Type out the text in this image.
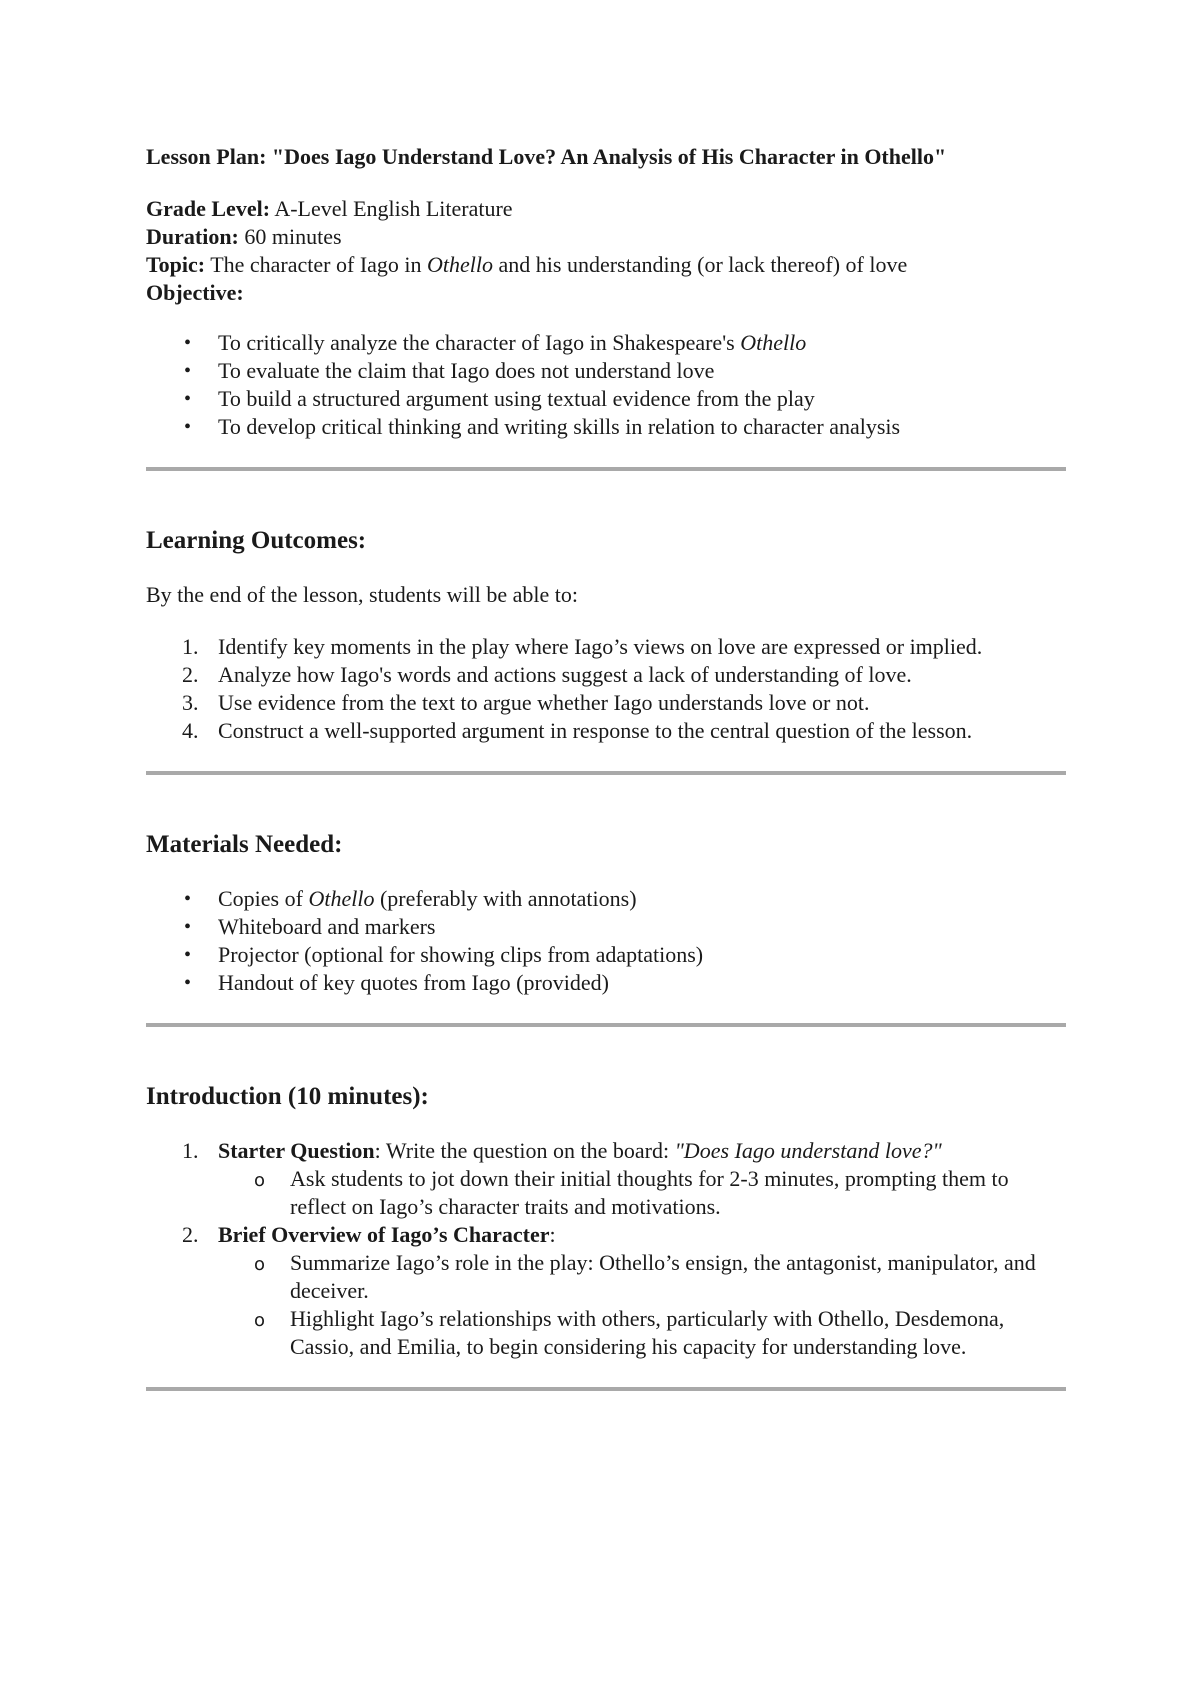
Lesson Plan: "Does Iago Understand Love? An Analysis of His Character in Othello"

Grade Level: A-Level English Literature

Duration: 60 minutes

Topic: The character of Iago in Othello and his understanding (or lack thereof) of love

Objective:

• To critically analyze the character of Iago in Shakespeare's Othello
• To evaluate the claim that Iago does not understand love
• To build a structured argument using textual evidence from the play
• To develop critical thinking and writing skills in relation to character analysis
Learning Outcomes:

By the end of the lesson, students will be able to:

1. Identify key moments in the play where Iago’s views on love are expressed or implied.
2. Analyze how Iago's words and actions suggest a lack of understanding of love.
3. Use evidence from the text to argue whether Iago understands love or not.
4. Construct a well-supported argument in response to the central question of the lesson.
Materials Needed:
• Copies of Othello (preferably with annotations)
• Whiteboard and markers
• Projector (optional for showing clips from adaptations)
• Handout of key quotes from Iago (provided)
Introduction (10 minutes):
1. Starter Question: Write the question on the board: "Does Iago understand love?"
o Ask students to jot down their initial thoughts for 2-3 minutes, prompting them to reflect on Iago’s character traits and motivations.
2. Brief Overview of Iago’s Character:
o Summarize Iago’s role in the play: Othello’s ensign, the antagonist, manipulator, and deceiver.
o Highlight Iago’s relationships with others, particularly with Othello, Desdemona, Cassio, and Emilia, to begin considering his capacity for understanding love.
